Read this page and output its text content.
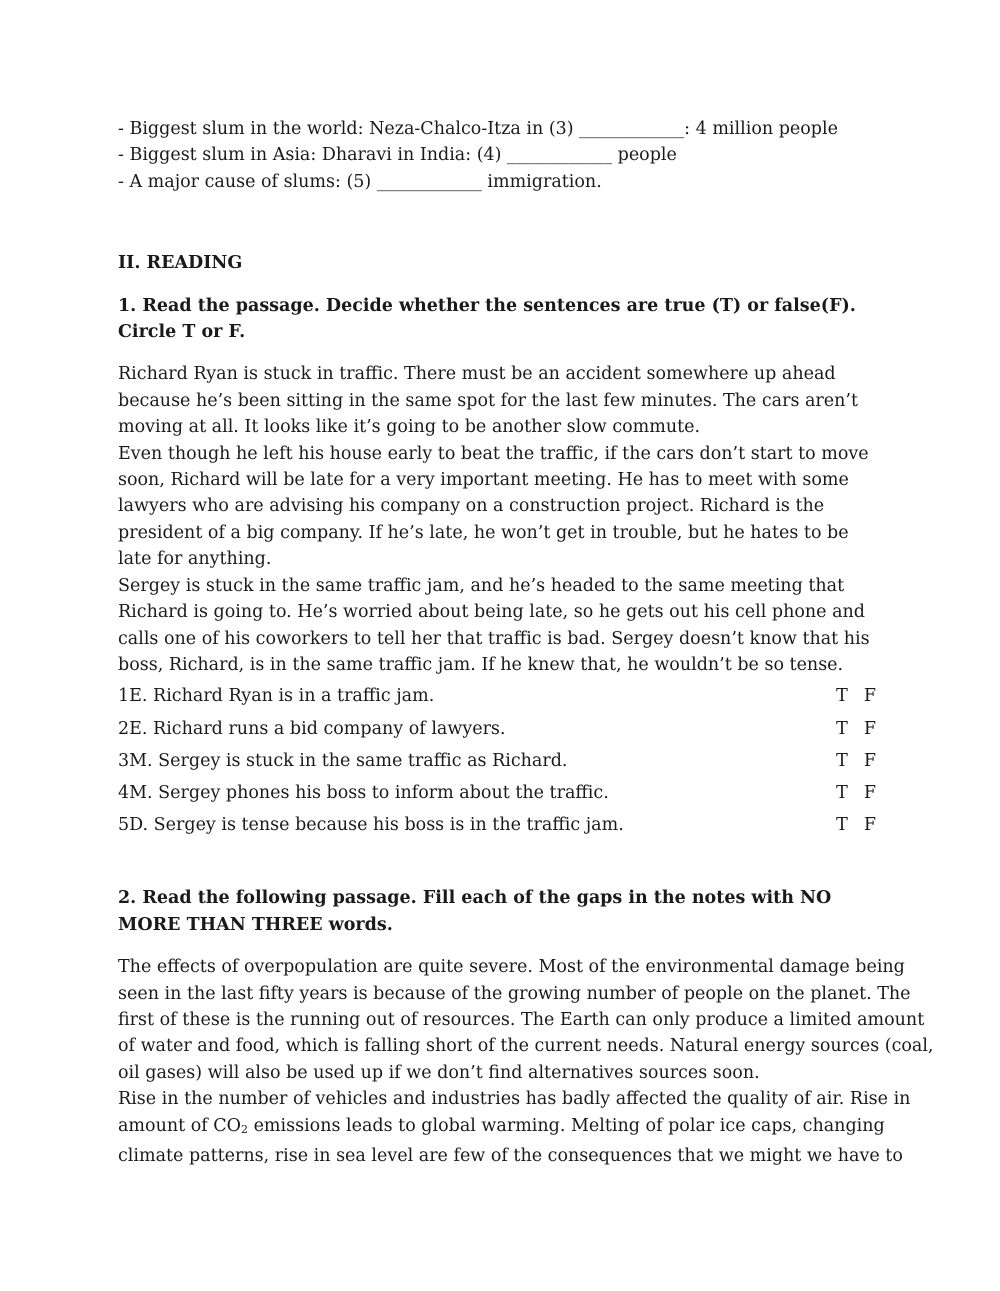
- Biggest slum in the world: Neza-Chalco-Itza in (3) ____________: 4 million people
- Biggest slum in Asia: Dharavi in India: (4) ____________ people
- A major cause of slums: (5) ____________ immigration.
II. READING
1. Read the passage. Decide whether the sentences are true (T) or false(F). Circle T or F.
Richard Ryan is stuck in traffic. There must be an accident somewhere up ahead
because he’s been sitting in the same spot for the last few minutes. The cars aren’t
moving at all. It looks like it’s going to be another slow commute.
Even though he left his house early to beat the traffic, if the cars don’t start to move
soon, Richard will be late for a very important meeting. He has to meet with some
lawyers who are advising his company on a construction project. Richard is the
president of a big company. If he’s late, he won’t get in trouble, but he hates to be
late for anything.
Sergey is stuck in the same traffic jam, and he’s headed to the same meeting that
Richard is going to. He’s worried about being late, so he gets out his cell phone and
calls one of his coworkers to tell her that traffic is bad. Sergey doesn’t know that his
boss, Richard, is in the same traffic jam. If he knew that, he wouldn’t be so tense.
1E. Richard Ryan is in a traffic jam.	T F
2E. Richard runs a bid company of lawyers.	T F
3M. Sergey is stuck in the same traffic as Richard.	T F
4M. Sergey phones his boss to inform about the traffic.	T F
5D. Sergey is tense because his boss is in the traffic jam.	T F
2. Read the following passage. Fill each of the gaps in the notes with NO MORE THAN THREE words.
The effects of overpopulation are quite severe. Most of the environmental damage being
seen in the last fifty years is because of the growing number of people on the planet. The
first of these is the running out of resources. The Earth can only produce a limited amount
of water and food, which is falling short of the current needs. Natural energy sources (coal,
oil gases) will also be used up if we don’t find alternatives sources soon.
Rise in the number of vehicles and industries has badly affected the quality of air. Rise in
amount of $CO_2$ emissions leads to global warming. Melting of polar ice caps, changing
climate patterns, rise in sea level are few of the consequences that we might we have to
